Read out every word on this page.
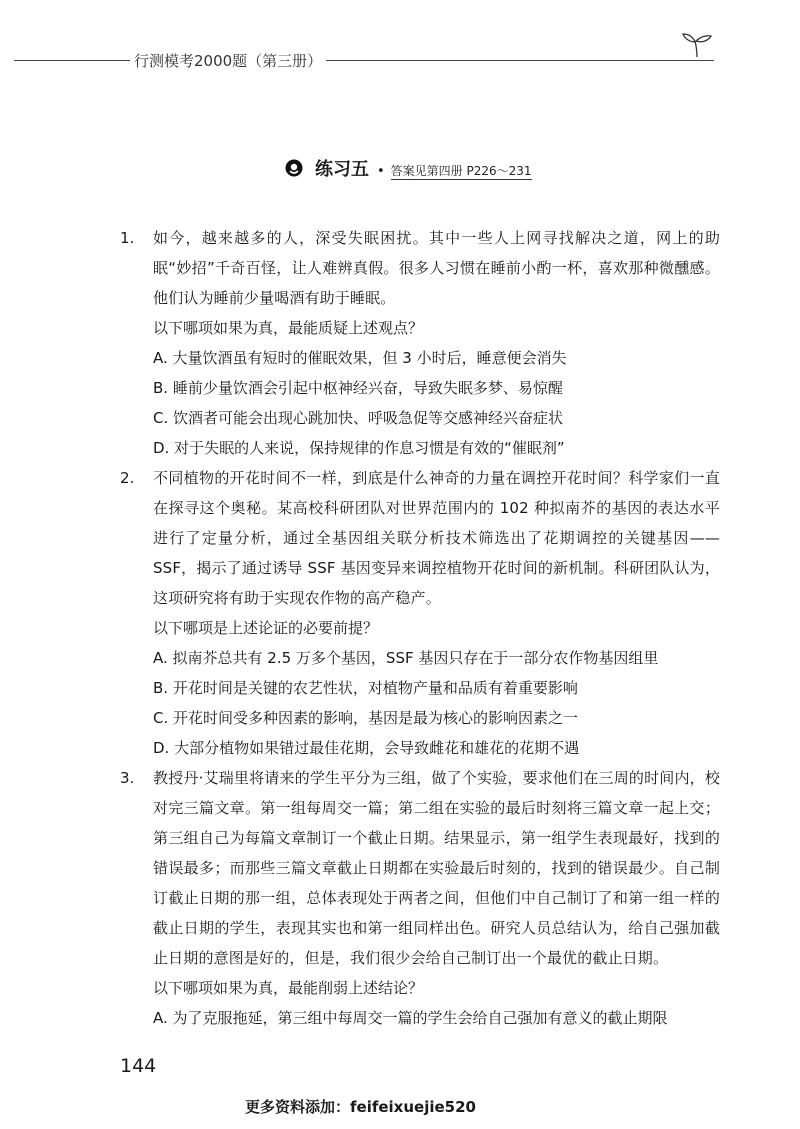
行测模考2000题（第三册）
练习五 • 答案见第四册 P226～231
1. 如今，越来越多的人，深受失眠困扰。其中一些人上网寻找解决之道，网上的助眠“妙招”千奇百怪，让人难辨真假。很多人习惯在睡前小酌一杯，喜欢那种微醺感。他们认为睡前少量喝酒有助于睡眠。

以下哪项如果为真，最能质疑上述观点？

A. 大量饮酒虽有短时的催眠效果，但 3 小时后，睡意便会消失

B. 睡前少量饮酒会引起中枢神经兴奋，导致失眠多梦、易惊醒

C. 饮酒者可能会出现心跳加快、呼吸急促等交感神经兴奋症状

D. 对于失眠的人来说，保持规律的作息习惯是有效的“催眠剂”

2. 不同植物的开花时间不一样，到底是什么神奇的力量在调控开花时间？科学家们一直在探寻这个奥秘。某高校科研团队对世界范围内的 102 种拟南芥的基因的表达水平进行了定量分析，通过全基因组关联分析技术筛选出了花期调控的关键基因——SSF，揭示了通过诱导 SSF 基因变异来调控植物开花时间的新机制。科研团队认为，这项研究将有助于实现农作物的高产稳产。

以下哪项是上述论证的必要前提？

A. 拟南芥总共有 2.5 万多个基因，SSF 基因只存在于一部分农作物基因组里

B. 开花时间是关键的农艺性状，对植物产量和品质有着重要影响

C. 开花时间受多种因素的影响，基因是最为核心的影响因素之一

D. 大部分植物如果错过最佳花期，会导致雌花和雄花的花期不遇

3. 教授丹·艾瑞里将请来的学生平分为三组，做了个实验，要求他们在三周的时间内，校对完三篇文章。第一组每周交一篇；第二组在实验的最后时刻将三篇文章一起上交；第三组自己为每篇文章制订一个截止日期。结果显示，第一组学生表现最好，找到的错误最多；而那些三篇文章截止日期都在实验最后时刻的，找到的错误最少。自己制订截止日期的那一组，总体表现处于两者之间，但他们中自己制订了和第一组一样的截止日期的学生，表现其实也和第一组同样出色。研究人员总结认为，给自己强加截止日期的意图是好的，但是，我们很少会给自己制订出一个最优的截止日期。

以下哪项如果为真，最能削弱上述结论？

A. 为了克服拖延，第三组中每周交一篇的学生会给自己强加有意义的截止期限

144
更多资料添加：feifeixuejie520
